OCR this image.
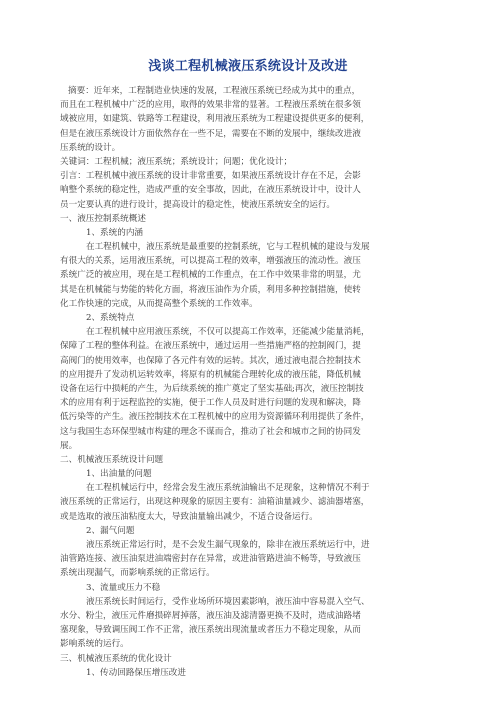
浅谈工程机械液压系统设计及改进
摘要：近年来，工程制造业快速的发展，工程液压系统已经成为其中的重点，
而且在工程机械中广泛的应用，取得的效果非常的显著。工程液压系统在很多领
域被应用，如建筑、铁路等工程建设，利用液压系统为工程建设提供更多的便利，
但是在液压系统设计方面依然存在一些不足，需要在不断的发展中，继续改进液
压系统的设计。
关键词：工程机械；液压系统；系统设计；问题；优化设计；
引言：工程机械中液压系统的设计非常重要，如果液压系统设计存在不足，会影
响整个系统的稳定性，造成严重的安全事故，因此，在液压系统设计中，设计人
员一定要认真的进行设计，提高设计的稳定性，使液压系统安全的运行。
一、液压控制系统概述
1、系统的内涵
在工程机械中，液压系统是最重要的控制系统，它与工程机械的建设与发展
有很大的关系，运用液压系统，可以提高工程的效率，增强液压的流动性。液压
系统广泛的被应用，现在是工程机械的工作重点，在工作中效果非常的明显，尤
其是在机械能与势能的转化方面，将液压油作为介质，利用多种控制措施，使转
化工作快速的完成，从而提高整个系统的工作效率。
2、系统特点
在工程机械中应用液压系统，不仅可以提高工作效率，还能减少能量消耗，
保障了工程的整体利益。在液压系统中，通过运用一些措施严格的控制阀门，提
高阀门的使用效率，也保障了各元件有效的运转。其次，通过液电混合控制技术
的应用提升了发动机运转效率，将原有的机械能合理转化成的液压能，降低机械
设备在运行中损耗的产生，为后续系统的推广奠定了坚实基础;再次，液压控制技
术的应用有利于远程监控的实施，便于工作人员及时进行问题的发现和解决，降
低污染等的产生。液压控制技术在工程机械中的应用为资源循环利用提供了条件，
这与我国生态环保型城市构建的理念不谋而合，推动了社会和城市之间的协同发
展。
二、机械液压系统设计问题
1、出油量的问题
在工程机械运行中，经常会发生液压系统油输出不足现象，这种情况不利于
液压系统的正常运行，出现这种现象的原因主要有：油箱油量减少、滤油器堵塞，
或是选取的液压油粘度太大，导致油量输出减少，不适合设备运行。
2、漏气问题
液压系统正常运行时，是不会发生漏气现象的，除非在液压系统运行中，进
油管路连接、液压油泵进油端密封存在异常，或进油管路进油不畅等，导致液压
系统出现漏气，而影响系统的正常运行。
3、流量或压力不稳
液压系统长时间运行，受作业场所环境因素影响，液压油中容易混入空气、
水分、粉尘，液压元件磨损碎屑掉落，液压油及滤清器更换不及时，造成油路堵
塞现象，导致调压阀工作不正常，液压系统出现流量或者压力不稳定现象，从而
影响系统的运行。
三、机械液压系统的优化设计
1、传动回路保压增压改进
